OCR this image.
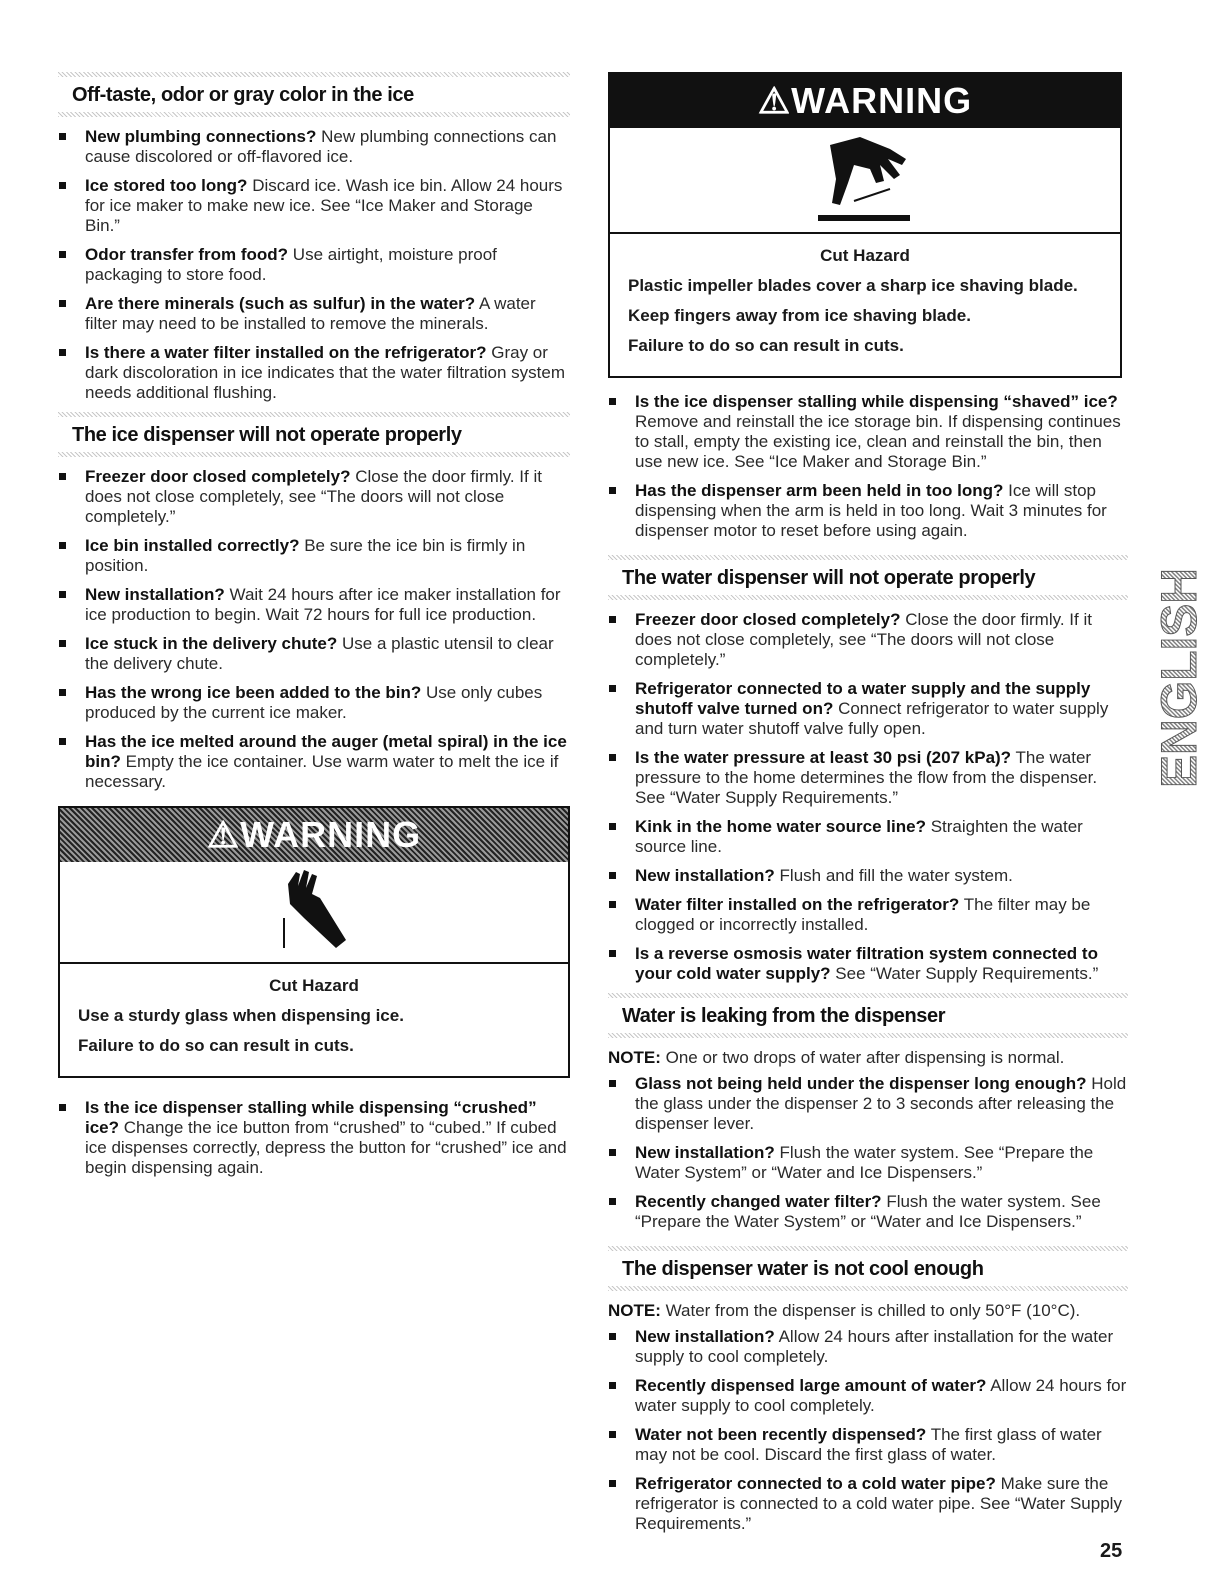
Off-taste, odor or gray color in the ice
New plumbing connections? New plumbing connections can cause discolored or off-flavored ice.
Ice stored too long? Discard ice. Wash ice bin. Allow 24 hours for ice maker to make new ice. See “Ice Maker and Storage Bin.”
Odor transfer from food? Use airtight, moisture proof packaging to store food.
Are there minerals (such as sulfur) in the water? A water filter may need to be installed to remove the minerals.
Is there a water filter installed on the refrigerator? Gray or dark discoloration in ice indicates that the water filtration system needs additional flushing.
The ice dispenser will not operate properly
Freezer door closed completely? Close the door firmly. If it does not close completely, see “The doors will not close completely.”
Ice bin installed correctly? Be sure the ice bin is firmly in position.
New installation? Wait 24 hours after ice maker installation for ice production to begin. Wait 72 hours for full ice production.
Ice stuck in the delivery chute? Use a plastic utensil to clear the delivery chute.
Has the wrong ice been added to the bin? Use only cubes produced by the current ice maker.
Has the ice melted around the auger (metal spiral) in the ice bin? Empty the ice container. Use warm water to melt the ice if necessary.
⚠WARNING
Cut Hazard

Use a sturdy glass when dispensing ice.

Failure to do so can result in cuts.

Is the ice dispenser stalling while dispensing “crushed” ice? Change the ice button from “crushed” to “cubed.” If cubed ice dispenses correctly, depress the button for “crushed” ice and begin dispensing again.
⚠WARNING
Cut Hazard

Plastic impeller blades cover a sharp ice shaving blade.

Keep fingers away from ice shaving blade.

Failure to do so can result in cuts.

Is the ice dispenser stalling while dispensing “shaved” ice? Remove and reinstall the ice storage bin. If dispensing continues to stall, empty the existing ice, clean and reinstall the bin, then use new ice. See “Ice Maker and Storage Bin.”
Has the dispenser arm been held in too long? Ice will stop dispensing when the arm is held in too long. Wait 3 minutes for dispenser motor to reset before using again.
The water dispenser will not operate properly
Freezer door closed completely? Close the door firmly. If it does not close completely, see “The doors will not close completely.”
Refrigerator connected to a water supply and the supply shutoff valve turned on? Connect refrigerator to water supply and turn water shutoff valve fully open.
Is the water pressure at least 30 psi (207 kPa)? The water pressure to the home determines the flow from the dispenser. See “Water Supply Requirements.”
Kink in the home water source line? Straighten the water source line.
New installation? Flush and fill the water system.
Water filter installed on the refrigerator? The filter may be clogged or incorrectly installed.
Is a reverse osmosis water filtration system connected to your cold water supply? See “Water Supply Requirements.”
Water is leaking from the dispenser

NOTE: One or two drops of water after dispensing is normal.

Glass not being held under the dispenser long enough? Hold the glass under the dispenser 2 to 3 seconds after releasing the dispenser lever.
New installation? Flush the water system. See “Prepare the Water System” or “Water and Ice Dispensers.”
Recently changed water filter? Flush the water system. See “Prepare the Water System” or “Water and Ice Dispensers.”
The dispenser water is not cool enough

NOTE: Water from the dispenser is chilled to only 50°F (10°C).

New installation? Allow 24 hours after installation for the water supply to cool completely.
Recently dispensed large amount of water? Allow 24 hours for water supply to cool completely.
Water not been recently dispensed? The first glass of water may not be cool. Discard the first glass of water.
Refrigerator connected to a cold water pipe? Make sure the refrigerator is connected to a cold water pipe. See “Water Supply Requirements.”
ENGLISH
25
